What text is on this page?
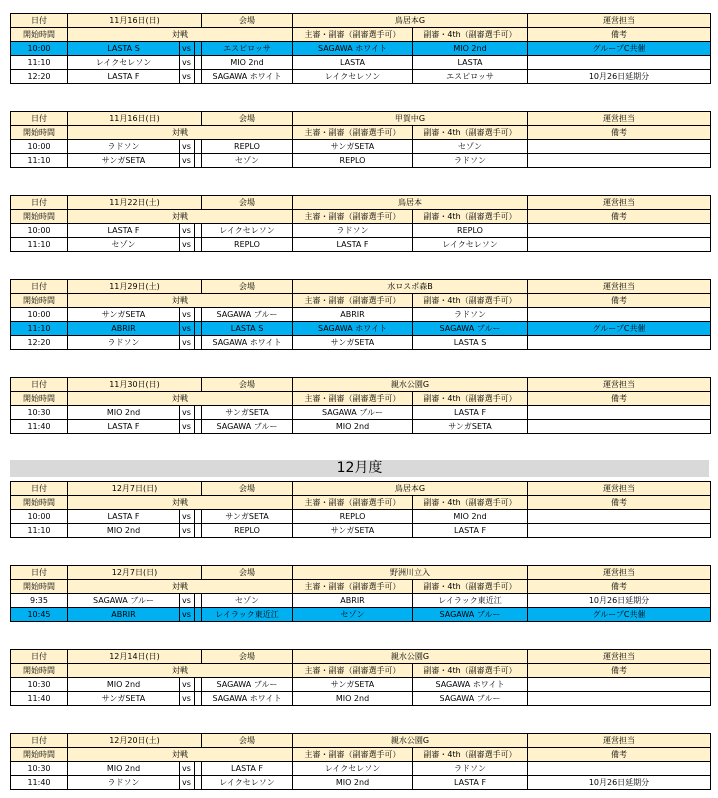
12月度
日付	11月16日(日)			会場	鳥居本G		運営担当	
開始時間	対戦				主審・副審（副審選手可）	副審・4th（副審選手可）	備考	
10:00	LASTA S	vs		エスピロッサ	SAGAWA ホワイト	MIO 2nd	グループC共催	
11:10	レイクセレソン	vs		MIO 2nd	LASTA	LASTA		
12:20	LASTA F	vs		SAGAWA ホワイト	レイクセレソン	エスピロッサ	10月26日延期分	
日付	11月16日(日)			会場	甲賀中G		運営担当	
開始時間	対戦				主審・副審（副審選手可）	副審・4th（副審選手可）	備考	
10:00	ラドソン	vs		REPLO	サンガSETA	セゾン		
11:10	サンガSETA	vs		セゾン	REPLO	ラドソン		
日付	11月22日(土)			会場	鳥居本		運営担当	
開始時間	対戦				主審・副審（副審選手可）	副審・4th（副審選手可）	備考	
10:00	LASTA F	vs		レイクセレソン	ラドソン	REPLO		
11:10	セゾン	vs		REPLO	LASTA F	レイクセレソン		
日付	11月29日(土)			会場	水ロスポ森B		運営担当	
開始時間	対戦				主審・副審（副審選手可）	副審・4th（副審選手可）	備考	
10:00	サンガSETA	vs		SAGAWA ブルー	ABRIR	ラドソン		
11:10	ABRIR	vs		LASTA S	SAGAWA ホワイト	SAGAWA ブルー	グループC共催	
12:20	ラドソン	vs		SAGAWA ホワイト	サンガSETA	LASTA S		
日付	11月30日(日)			会場	親水公園G		運営担当	
開始時間	対戦				主審・副審（副審選手可）	副審・4th（副審選手可）	備考	
10:30	MIO 2nd	vs		サンガSETA	SAGAWA ブルー	LASTA F		
11:40	LASTA F	vs		SAGAWA ブルー	MIO 2nd	サンガSETA		
日付	12月7日(日)			会場	鳥居本G		運営担当	
開始時間	対戦				主審・副審（副審選手可）	副審・4th（副審選手可）	備考	
10:00	LASTA F	vs		サンガSETA	REPLO	MIO 2nd		
11:10	MIO 2nd	vs		REPLO	サンガSETA	LASTA F		
日付	12月7日(日)			会場	野洲川立入		運営担当	
開始時間	対戦				主審・副審（副審選手可）	副審・4th（副審選手可）	備考	
9:35	SAGAWA ブルー	vs		セゾン	ABRIR	レイラック東近江	10月26日延期分	
10:45	ABRIR	vs		レイラック東近江	セゾン	SAGAWA ブルー	グループC共催	
日付	12月14日(日)			会場	親水公園G		運営担当	
開始時間	対戦				主審・副審（副審選手可）	副審・4th（副審選手可）	備考	
10:30	MIO 2nd	vs		SAGAWA ブルー	サンガSETA	SAGAWA ホワイト		
11:40	サンガSETA	vs		SAGAWA ホワイト	MIO 2nd	SAGAWA ブルー		
日付	12月20日(土)			会場	親水公園G		運営担当	
開始時間	対戦				主審・副審（副審選手可）	副審・4th（副審選手可）	備考	
10:30	MIO 2nd	vs		LASTA F	レイクセレソン	ラドソン		
11:40	ラドソン	vs		レイクセレソン	MIO 2nd	LASTA F	10月26日延期分	
